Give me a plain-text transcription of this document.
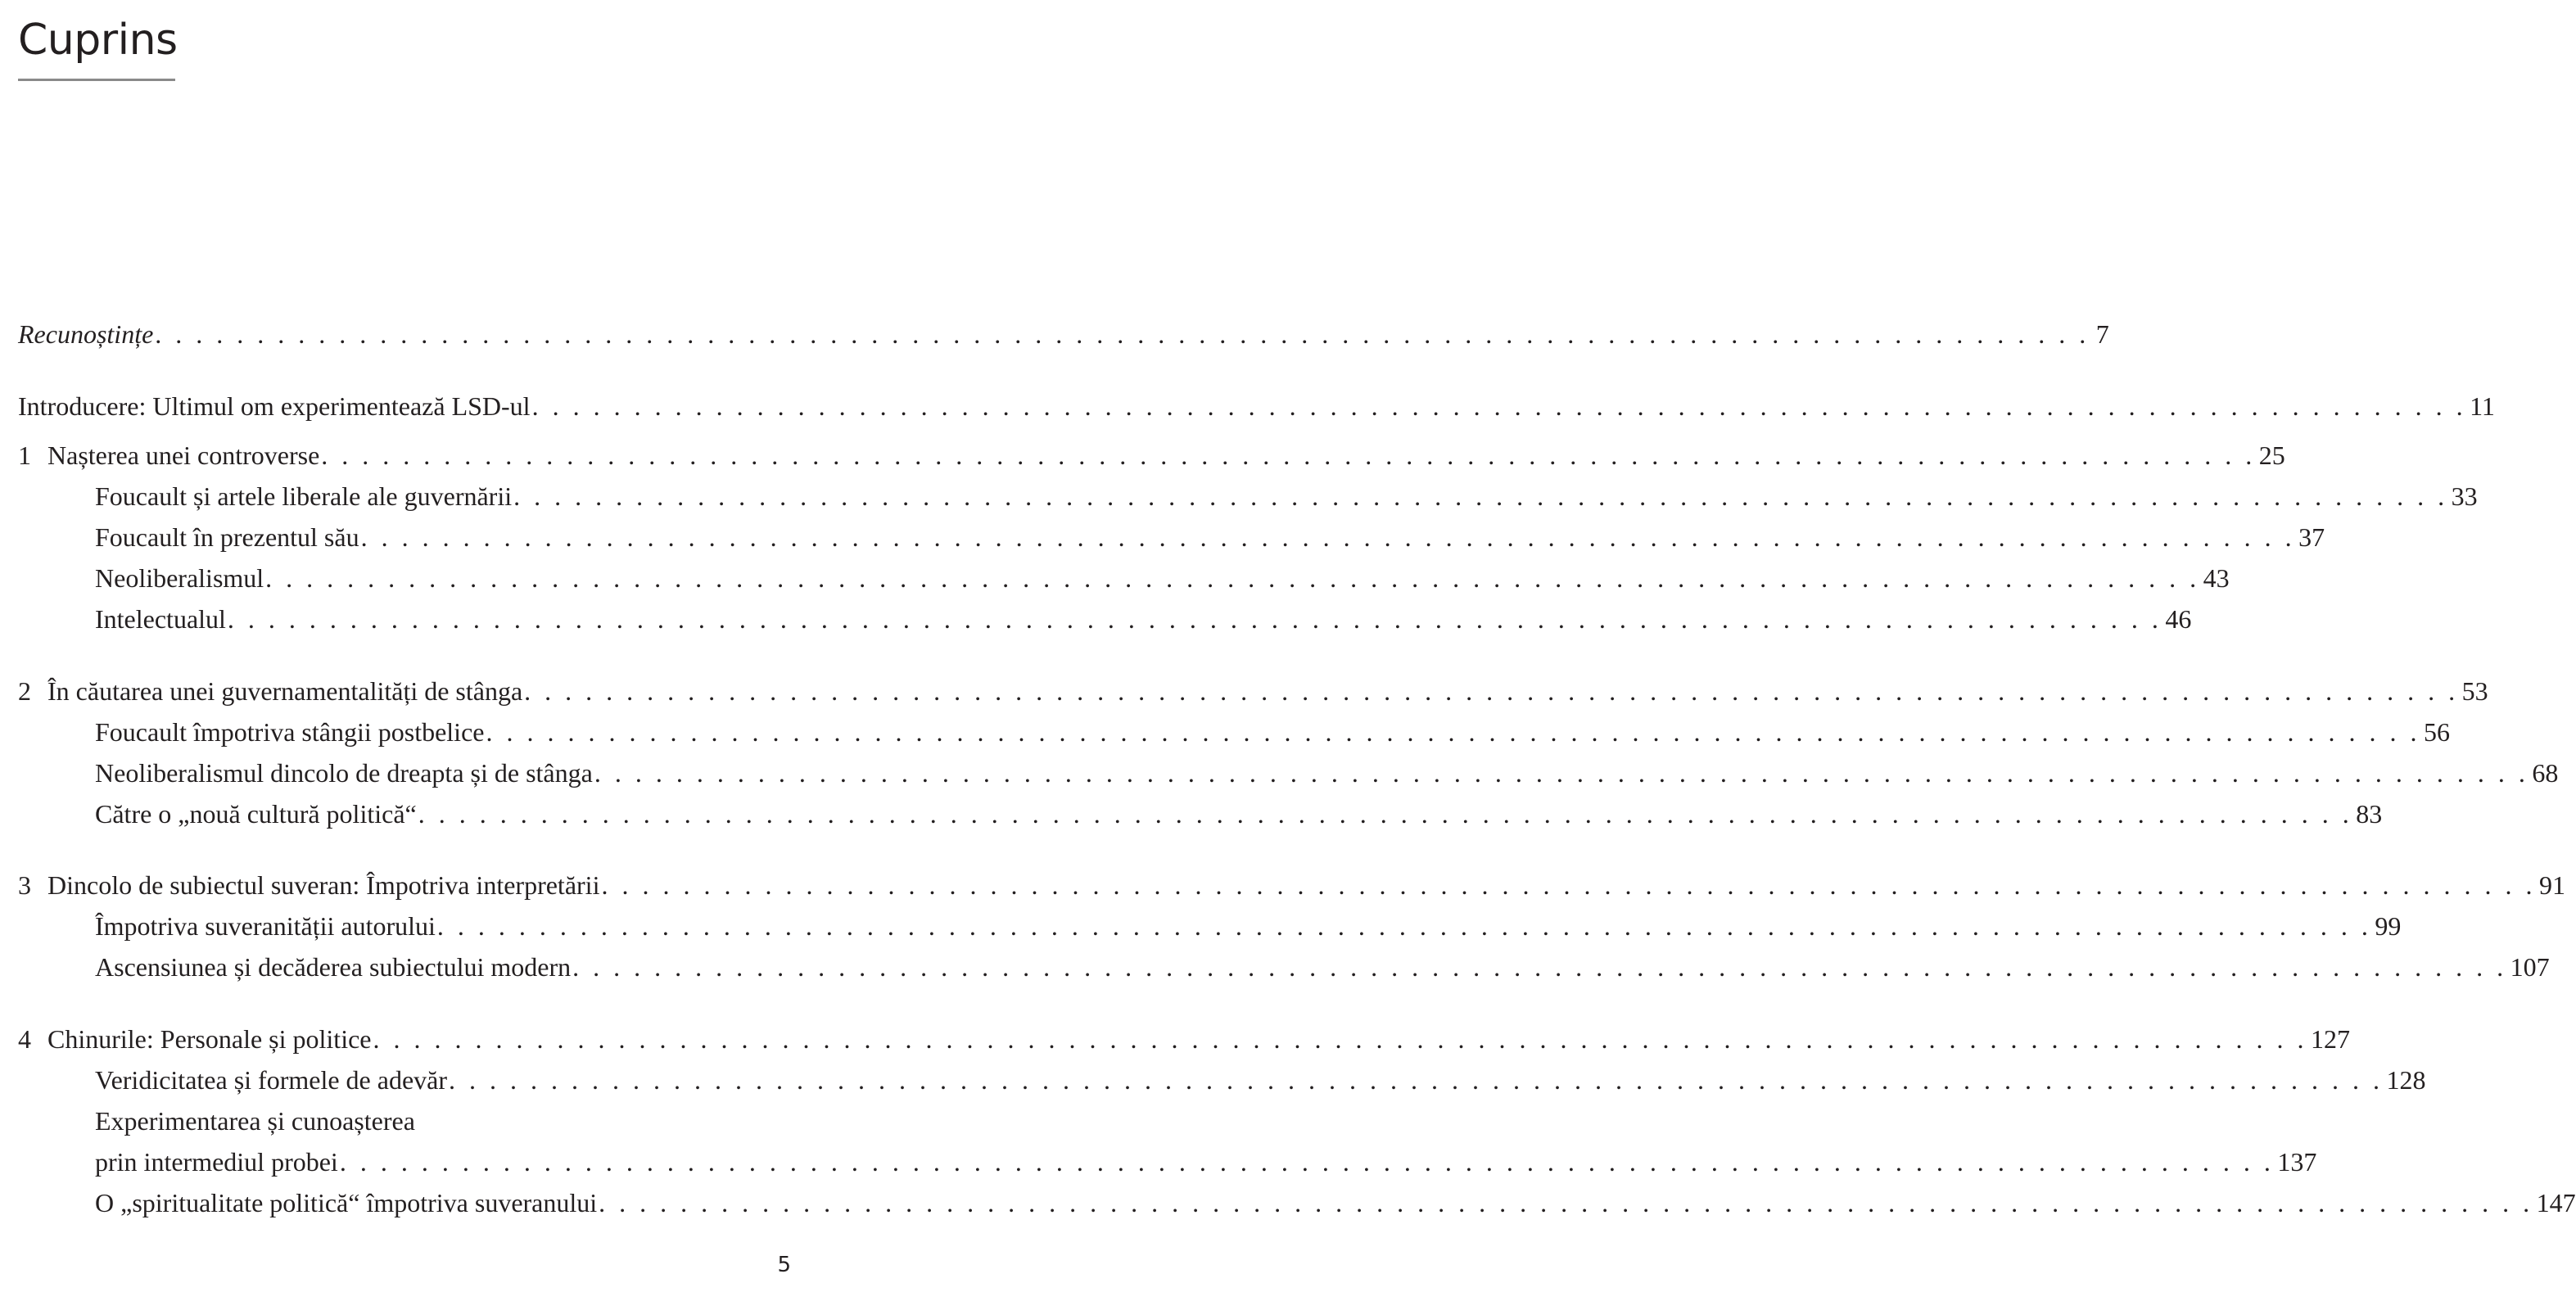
Cuprins
Recunoștințe . . . . . . . . . . . . . . . . . . . . . . . . . . . . . . . . . . . . . . . . . . . . . . . . . . . . . . . . . . . . . . . . . . . . . . . . . . . . . . . . . . . . . . . . . . . . . . . 7
Introducere: Ultimul om experimentează LSD-ul . . . . . . . . . . . . . . . . . . . . . . . . . . . . . . . . . . . . . . . . . . . . . . . . . . . . . . . . . . . . . . . . . . . . . . . . . . . . . . . . . . . . . . . . . . . . . . . 11
1 Nașterea unei controverse . . . . . . . . . . . . . . . . . . . . . . . . . . . . . . . . . . . . . . . . . . . . . . . . . . . . . . . . . . . . . . . . . . . . . . . . . . . . . . . . . . . . . . . . . . . . . . . 25
Foucault și artele liberale ale guvernării . . . . . . . . . . . . . . . . . . . . . . . . . . . . . . . . . . . . . . . . . . . . . . . . . . . . . . . . . . . . . . . . . . . . . . . . . . . . . . . . . . . . . . . . . . . . . . . 33
Foucault în prezentul său . . . . . . . . . . . . . . . . . . . . . . . . . . . . . . . . . . . . . . . . . . . . . . . . . . . . . . . . . . . . . . . . . . . . . . . . . . . . . . . . . . . . . . . . . . . . . . . 37
Neoliberalismul . . . . . . . . . . . . . . . . . . . . . . . . . . . . . . . . . . . . . . . . . . . . . . . . . . . . . . . . . . . . . . . . . . . . . . . . . . . . . . . . . . . . . . . . . . . . . . . 43
Intelectualul . . . . . . . . . . . . . . . . . . . . . . . . . . . . . . . . . . . . . . . . . . . . . . . . . . . . . . . . . . . . . . . . . . . . . . . . . . . . . . . . . . . . . . . . . . . . . . . 46
2 În căutarea unei guvernamentalități de stânga . . . . . . . . . . . . . . . . . . . . . . . . . . . . . . . . . . . . . . . . . . . . . . . . . . . . . . . . . . . . . . . . . . . . . . . . . . . . . . . . . . . . . . . . . . . . . . . 53
Foucault împotriva stângii postbelice . . . . . . . . . . . . . . . . . . . . . . . . . . . . . . . . . . . . . . . . . . . . . . . . . . . . . . . . . . . . . . . . . . . . . . . . . . . . . . . . . . . . . . . . . . . . . . . 56
Neoliberalismul dincolo de dreapta și de stânga . . . . . . . . . . . . . . . . . . . . . . . . . . . . . . . . . . . . . . . . . . . . . . . . . . . . . . . . . . . . . . . . . . . . . . . . . . . . . . . . . . . . . . . . . . . . . . . 68
Către o „nouă cultură politică“ . . . . . . . . . . . . . . . . . . . . . . . . . . . . . . . . . . . . . . . . . . . . . . . . . . . . . . . . . . . . . . . . . . . . . . . . . . . . . . . . . . . . . . . . . . . . . . . 83
3 Dincolo de subiectul suveran: Împotriva interpretării . . . . . . . . . . . . . . . . . . . . . . . . . . . . . . . . . . . . . . . . . . . . . . . . . . . . . . . . . . . . . . . . . . . . . . . . . . . . . . . . . . . . . . . . . . . . . . . 91
Împotriva suveranității autorului . . . . . . . . . . . . . . . . . . . . . . . . . . . . . . . . . . . . . . . . . . . . . . . . . . . . . . . . . . . . . . . . . . . . . . . . . . . . . . . . . . . . . . . . . . . . . . . 99
Ascensiunea și decăderea subiectului modern . . . . . . . . . . . . . . . . . . . . . . . . . . . . . . . . . . . . . . . . . . . . . . . . . . . . . . . . . . . . . . . . . . . . . . . . . . . . . . . . . . . . . . . . . . . . . . . 107
4 Chinurile: Personale și politice . . . . . . . . . . . . . . . . . . . . . . . . . . . . . . . . . . . . . . . . . . . . . . . . . . . . . . . . . . . . . . . . . . . . . . . . . . . . . . . . . . . . . . . . . . . . . . . 127
Veridicitatea și formele de adevăr . . . . . . . . . . . . . . . . . . . . . . . . . . . . . . . . . . . . . . . . . . . . . . . . . . . . . . . . . . . . . . . . . . . . . . . . . . . . . . . . . . . . . . . . . . . . . . . 128
Experimentarea și cunoașterea
prin intermediul probei . . . . . . . . . . . . . . . . . . . . . . . . . . . . . . . . . . . . . . . . . . . . . . . . . . . . . . . . . . . . . . . . . . . . . . . . . . . . . . . . . . . . . . . . . . . . . . . 137
O „spiritualitate politică“ împotriva suveranului . . . . . . . . . . . . . . . . . . . . . . . . . . . . . . . . . . . . . . . . . . . . . . . . . . . . . . . . . . . . . . . . . . . . . . . . . . . . . . . . . . . . . . . . . . . . . . . 147
5
